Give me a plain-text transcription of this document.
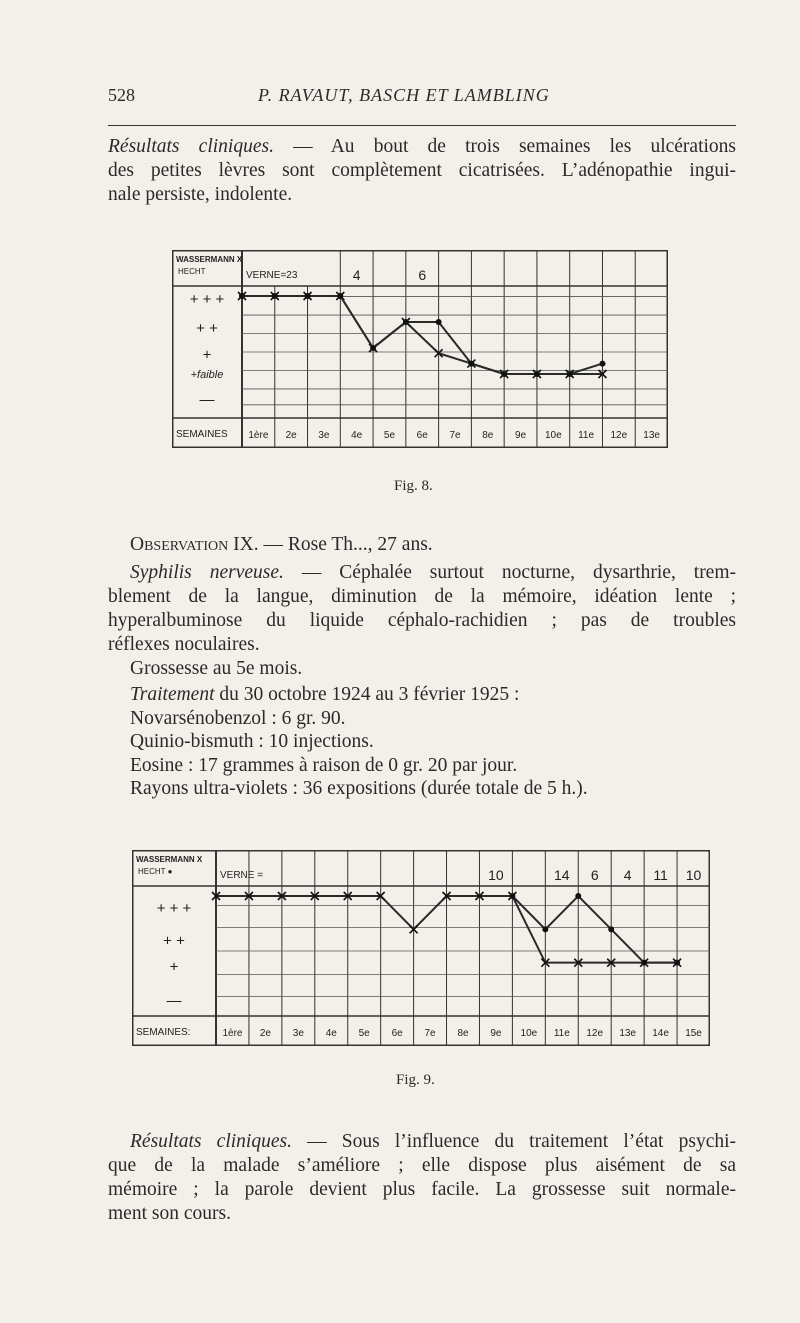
528	P. RAVAUT, BASCH ET LAMBLING
Résultats cliniques. — Au bout de trois semaines les ulcérations
des petites lèvres sont complètement cicatrisées. L’adénopathie ingui-
nale persiste, indolente.
WASSERMANN X
HECHT	VERNE=23	4	6
+ + +
+ +
+
+faible
—
SEMAINES 1ère 2e 3e 4e 5e 6e 7e 8e 9e 10e 11e 12e 13e
Fig. 8.
Observation IX. — Rose Th..., 27 ans.
Syphilis nerveuse. — Céphalée surtout nocturne, dysarthrie, trem-
blement de la langue, diminution de la mémoire, idéation lente ;
hyperalbuminose du liquide céphalo-rachidien ; pas de troubles
réflexes noculaires.
Grossesse au 5e mois.
Traitement du 30 octobre 1924 au 3 février 1925 :
Novarsénobenzol : 6 gr. 90.
Quinio-bismuth : 10 injections.
Eosine : 17 grammes à raison de 0 gr. 20 par jour.
Rayons ultra-violets : 36 expositions (durée totale de 5 h.).
WASSERMANN X
HECHT ●	VERNE =	10	14 6 4 11 10
+ + +
+ +
+
—
SEMAINES:	1ère 2e 3e 4e 5e 6e 7e 8e 9e 10e 11e 12e 13e 14e 15e
Fig. 9.
Résultats cliniques. — Sous l’influence du traitement l’état psychi-
que de la malade s’améliore ; elle dispose plus aisément de sa
mémoire ; la parole devient plus facile. La grossesse suit normale-
ment son cours.
